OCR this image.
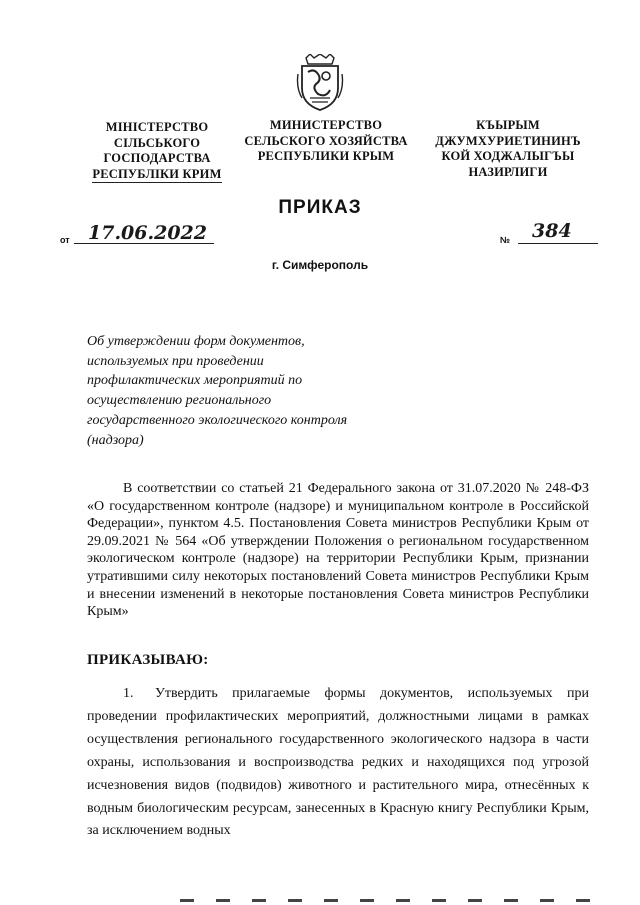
МІНІСТЕРСТВО
СІЛЬСЬКОГО
ГОСПОДАРСТВА
РЕСПУБЛІКИ КРИМ
МИНИСТЕРСТВО
СЕЛЬСКОГО ХОЗЯЙСТВА
РЕСПУБЛИКИ КРЫМ
КЪЫРЫМ
ДЖУМХУРИЕТИНИНЪ
КОЙ ХОДЖАЛЫГЪЫ
НАЗИРЛИГИ
ПРИКАЗ
от 17.06.2022	№ 384
г. Симферополь
Об утверждении форм документов,
используемых при проведении
профилактических мероприятий по
осуществлению регионального
государственного экологического контроля
(надзора)
В соответствии со статьей 21 Федерального закона от 31.07.2020 № 248-ФЗ «О государственном контроле (надзоре) и муниципальном контроле в Российской Федерации», пунктом 4.5. Постановления Совета министров Республики Крым от 29.09.2021 № 564 «Об утверждении Положения о региональном государственном экологическом контроле (надзоре) на территории Республики Крым, признании утратившими силу некоторых постановлений Совета министров Республики Крым и внесении изменений в некоторые постановления Совета министров Республики Крым»
ПРИКАЗЫВАЮ:
1. Утвердить прилагаемые формы документов, используемых при проведении профилактических мероприятий, должностными лицами в рамках осуществления регионального государственного экологического надзора в части охраны, использования и воспроизводства редких и находящихся под угрозой исчезновения видов (подвидов) животного и растительного мира, отнесённых к водным биологическим ресурсам, занесенных в Красную книгу Республики Крым, за исключением водных
